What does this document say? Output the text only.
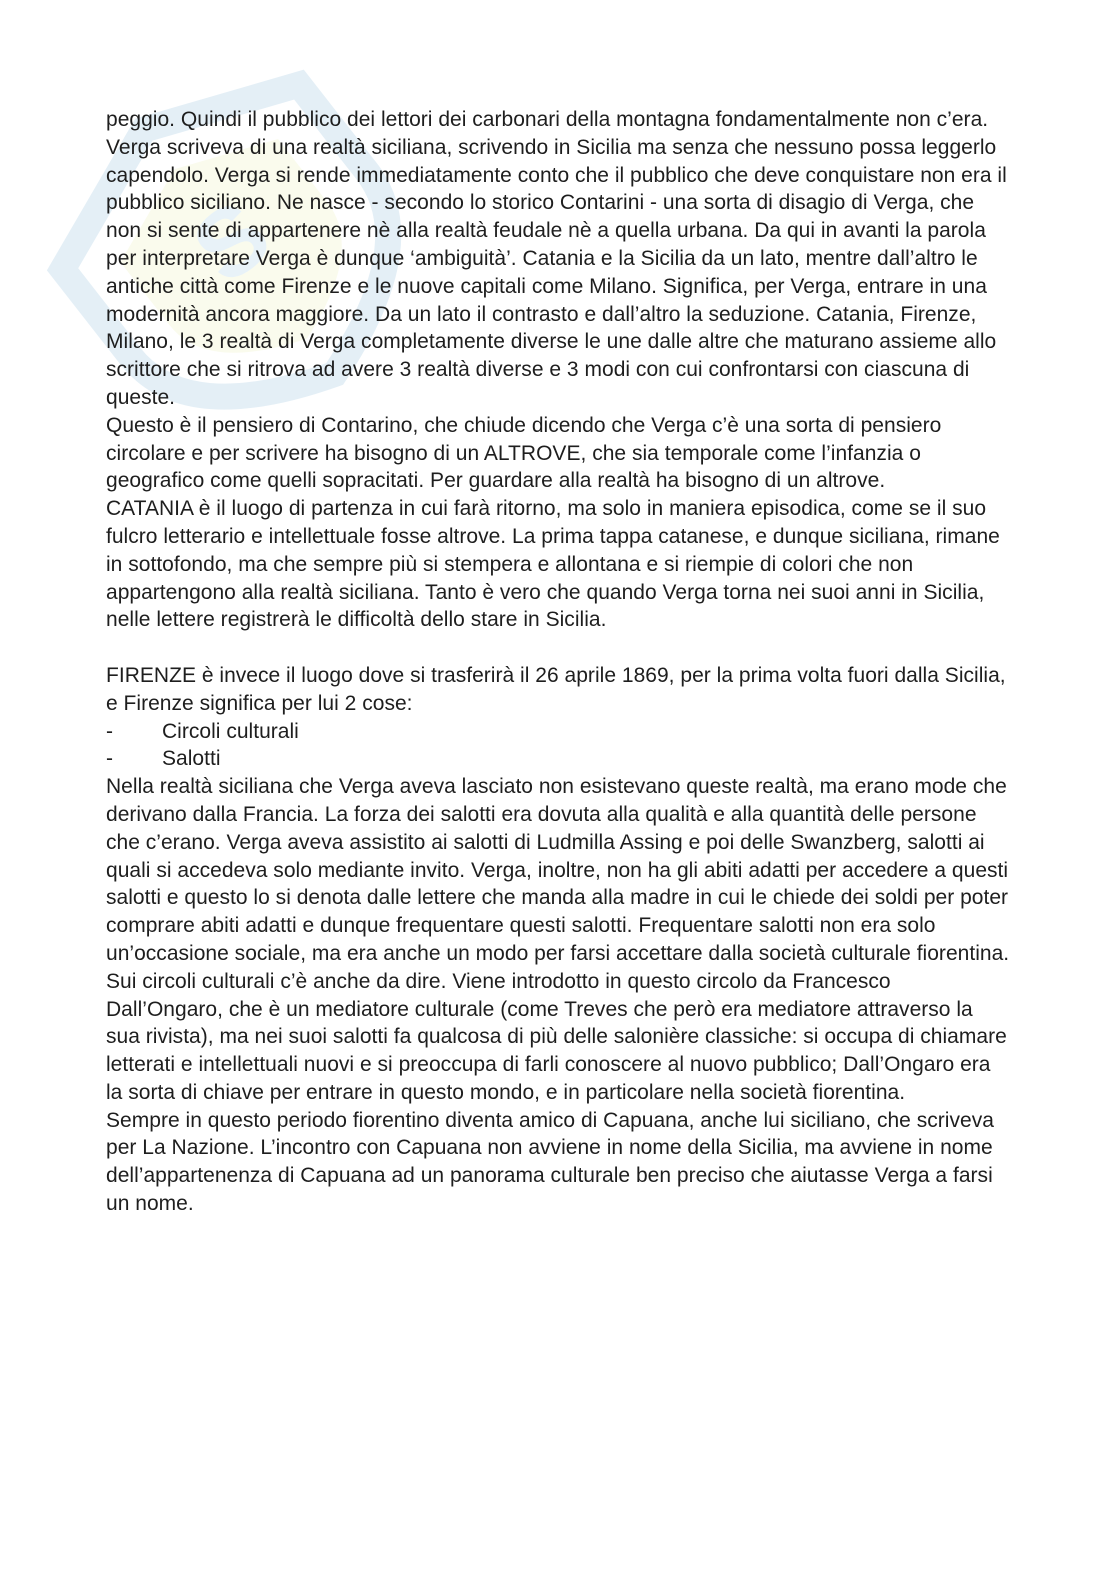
S

peggio. Quindi il pubblico dei lettori dei carbonari della montagna fondamentalmente non c’era. Verga scriveva di una realtà siciliana, scrivendo in Sicilia ma senza che nessuno possa leggerlo capendolo. Verga si rende immediatamente conto che il pubblico che deve conquistare non era il pubblico siciliano. Ne nasce - secondo lo storico Contarini - una sorta di disagio di Verga, che non si sente di appartenere nè alla realtà feudale nè a quella urbana. Da qui in avanti la parola per interpretare Verga è dunque ‘ambiguità’. Catania e la Sicilia da un lato, mentre dall’altro le antiche città come Firenze e le nuove capitali come Milano. Significa, per Verga, entrare in una modernità ancora maggiore. Da un lato il contrasto e dall’altro la seduzione. Catania, Firenze, Milano, le 3 realtà di Verga completamente diverse le une dalle altre che maturano assieme allo scrittore che si ritrova ad avere 3 realtà diverse e 3 modi con cui confrontarsi con ciascuna di queste.

Questo è il pensiero di Contarino, che chiude dicendo che Verga c’è una sorta di pensiero circolare e per scrivere ha bisogno di un ALTROVE, che sia temporale come l’infanzia o geografico come quelli sopracitati. Per guardare alla realtà ha bisogno di un altrove.

CATANIA è il luogo di partenza in cui farà ritorno, ma solo in maniera episodica, come se il suo fulcro letterario e intellettuale fosse altrove. La prima tappa catanese, e dunque siciliana, rimane in sottofondo, ma che sempre più si stempera e allontana e si riempie di colori che non appartengono alla realtà siciliana. Tanto è vero che quando Verga torna nei suoi anni in Sicilia, nelle lettere registrerà le difficoltà dello stare in Sicilia.

FIRENZE è invece il luogo dove si trasferirà il 26 aprile 1869, per la prima volta fuori dalla Sicilia, e Firenze significa per lui 2 cose:

-	Circoli culturali
-	Salotti

Nella realtà siciliana che Verga aveva lasciato non esistevano queste realtà, ma erano mode che derivano dalla Francia. La forza dei salotti era dovuta alla qualità e alla quantità delle persone che c’erano. Verga aveva assistito ai salotti di Ludmilla Assing e poi delle Swanzberg, salotti ai quali si accedeva solo mediante invito. Verga, inoltre, non ha gli abiti adatti per accedere a questi salotti e questo lo si denota dalle lettere che manda alla madre in cui le chiede dei soldi per poter comprare abiti adatti e dunque frequentare questi salotti. Frequentare salotti non era solo un’occasione sociale, ma era anche un modo per farsi accettare dalla società culturale fiorentina.

Sui circoli culturali c’è anche da dire. Viene introdotto in questo circolo da Francesco Dall’Ongaro, che è un mediatore culturale (come Treves che però era mediatore attraverso la sua rivista), ma nei suoi salotti fa qualcosa di più delle salonière classiche: si occupa di chiamare letterati e intellettuali nuovi e si preoccupa di farli conoscere al nuovo pubblico; Dall’Ongaro era la sorta di chiave per entrare in questo mondo, e in particolare nella società fiorentina.

Sempre in questo periodo fiorentino diventa amico di Capuana, anche lui siciliano, che scriveva per La Nazione. L’incontro con Capuana non avviene in nome della Sicilia, ma avviene in nome dell’appartenenza di Capuana ad un panorama culturale ben preciso che aiutasse Verga a farsi un nome.
